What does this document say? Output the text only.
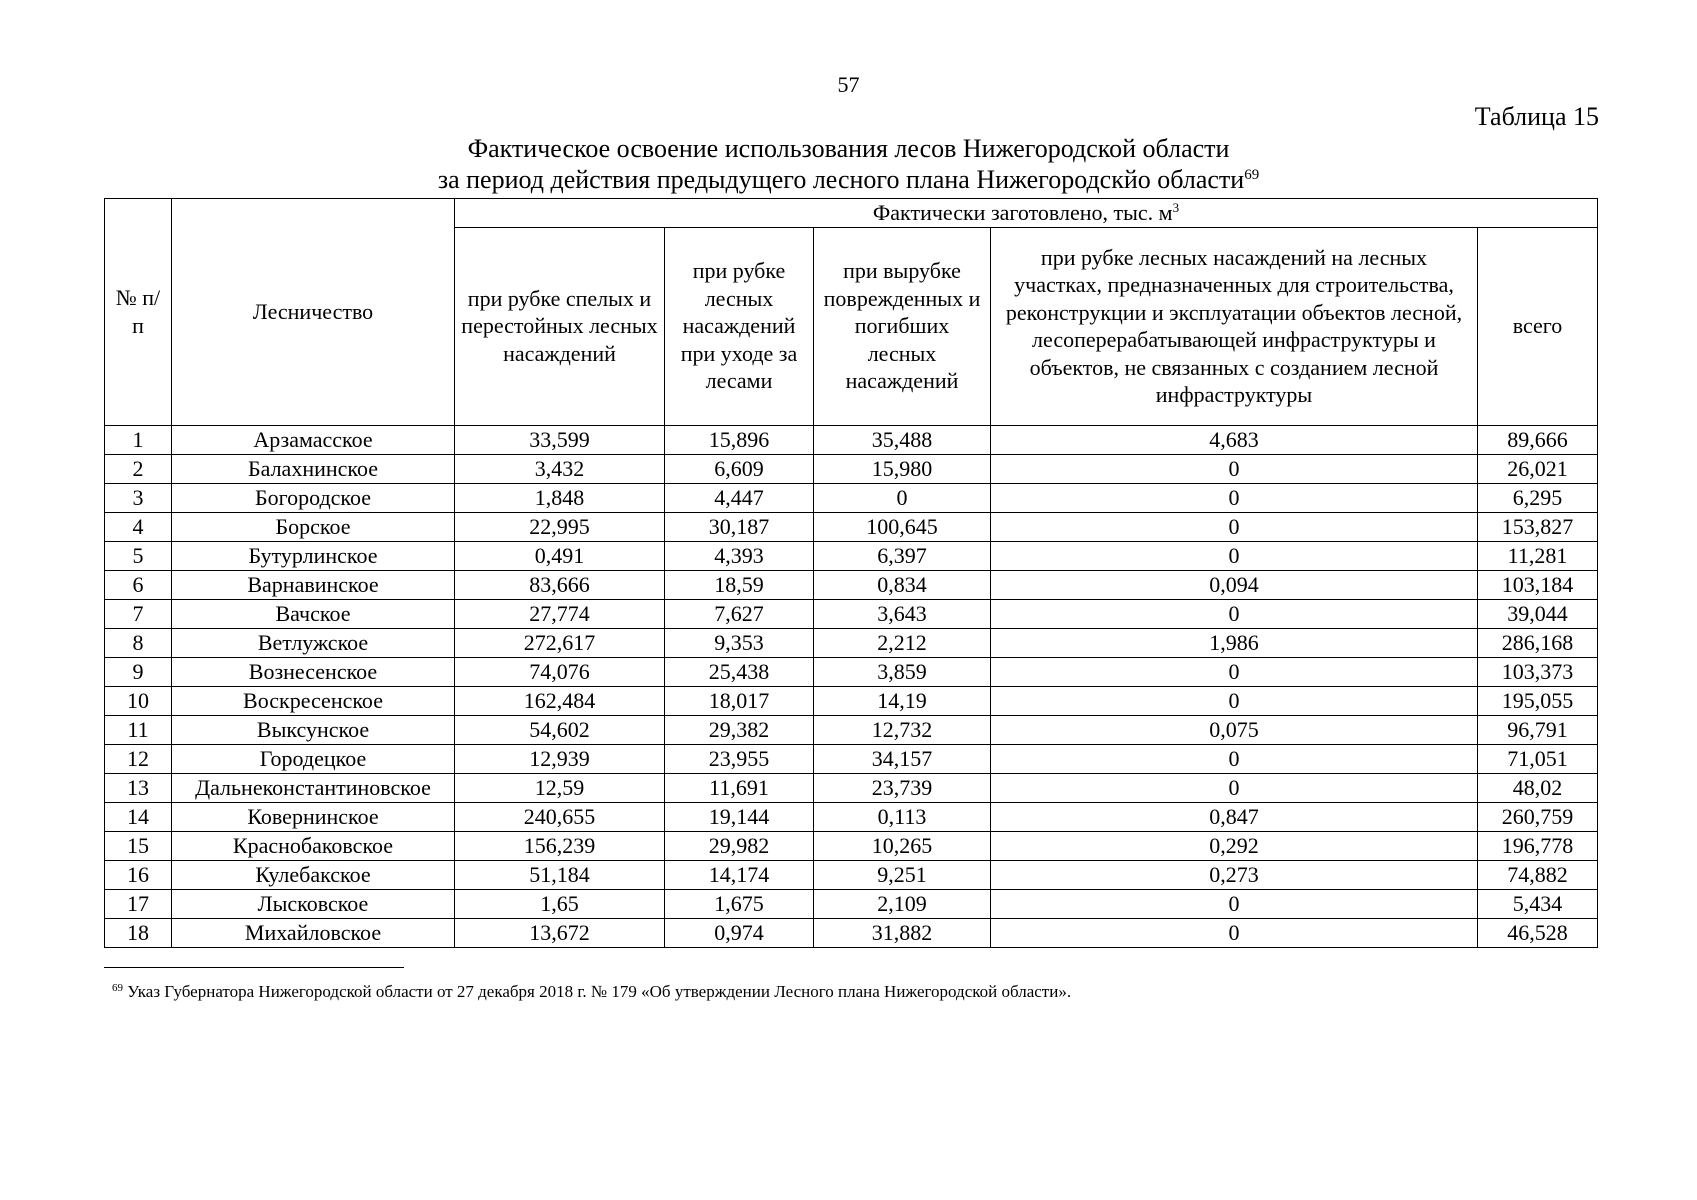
57
Таблица 15
Фактическое освоение использования лесов Нижегородской области
за период действия предыдущего лесного плана Нижегородскйо области$^{69}$
№ п/п	Лесничество	Фактически заготовлено, тыс. $м^3$

		при рубке спелых и перестойных лесных насаждений	при рубке лесных насаждений при уходе за лесами	при вырубке поврежденных и погибших лесных насаждений	при рубке лесных насаждений на лесных участках, предназначенных для строительства, реконструкции и эксплуатации объектов лесной, лесоперерабатывающей инфраструктуры и объектов, не связанных с созданием лесной инфраструктуры	всего

1	Арзамасское	33,599	15,896	35,488	4,683	89,666
2	Балахнинское	3,432	6,609	15,980	0	26,021
3	Богородское	1,848	4,447	0	0	6,295
4	Борское	22,995	30,187	100,645	0	153,827
5	Бутурлинское	0,491	4,393	6,397	0	11,281
6	Варнавинское	83,666	18,59	0,834	0,094	103,184
7	Вачское	27,774	7,627	3,643	0	39,044
8	Ветлужское	272,617	9,353	2,212	1,986	286,168
9	Вознесенское	74,076	25,438	3,859	0	103,373
10	Воскресенское	162,484	18,017	14,19	0	195,055
11	Выксунское	54,602	29,382	12,732	0,075	96,791
12	Городецкое	12,939	23,955	34,157	0	71,051
13	Дальнеконстантиновское	12,59	11,691	23,739	0	48,02
14	Ковернинское	240,655	19,144	0,113	0,847	260,759
15	Краснобаковское	156,239	29,982	10,265	0,292	196,778
16	Кулебакское	51,184	14,174	9,251	0,273	74,882
17	Лысковское	1,65	1,675	2,109	0	5,434
18	Михайловское	13,672	0,974	31,882	0	46,528
$^{69}$ Указ Губернатора Нижегородской области от 27 декабря 2018 г. № 179 «Об утверждении Лесного плана Нижегородской области».
